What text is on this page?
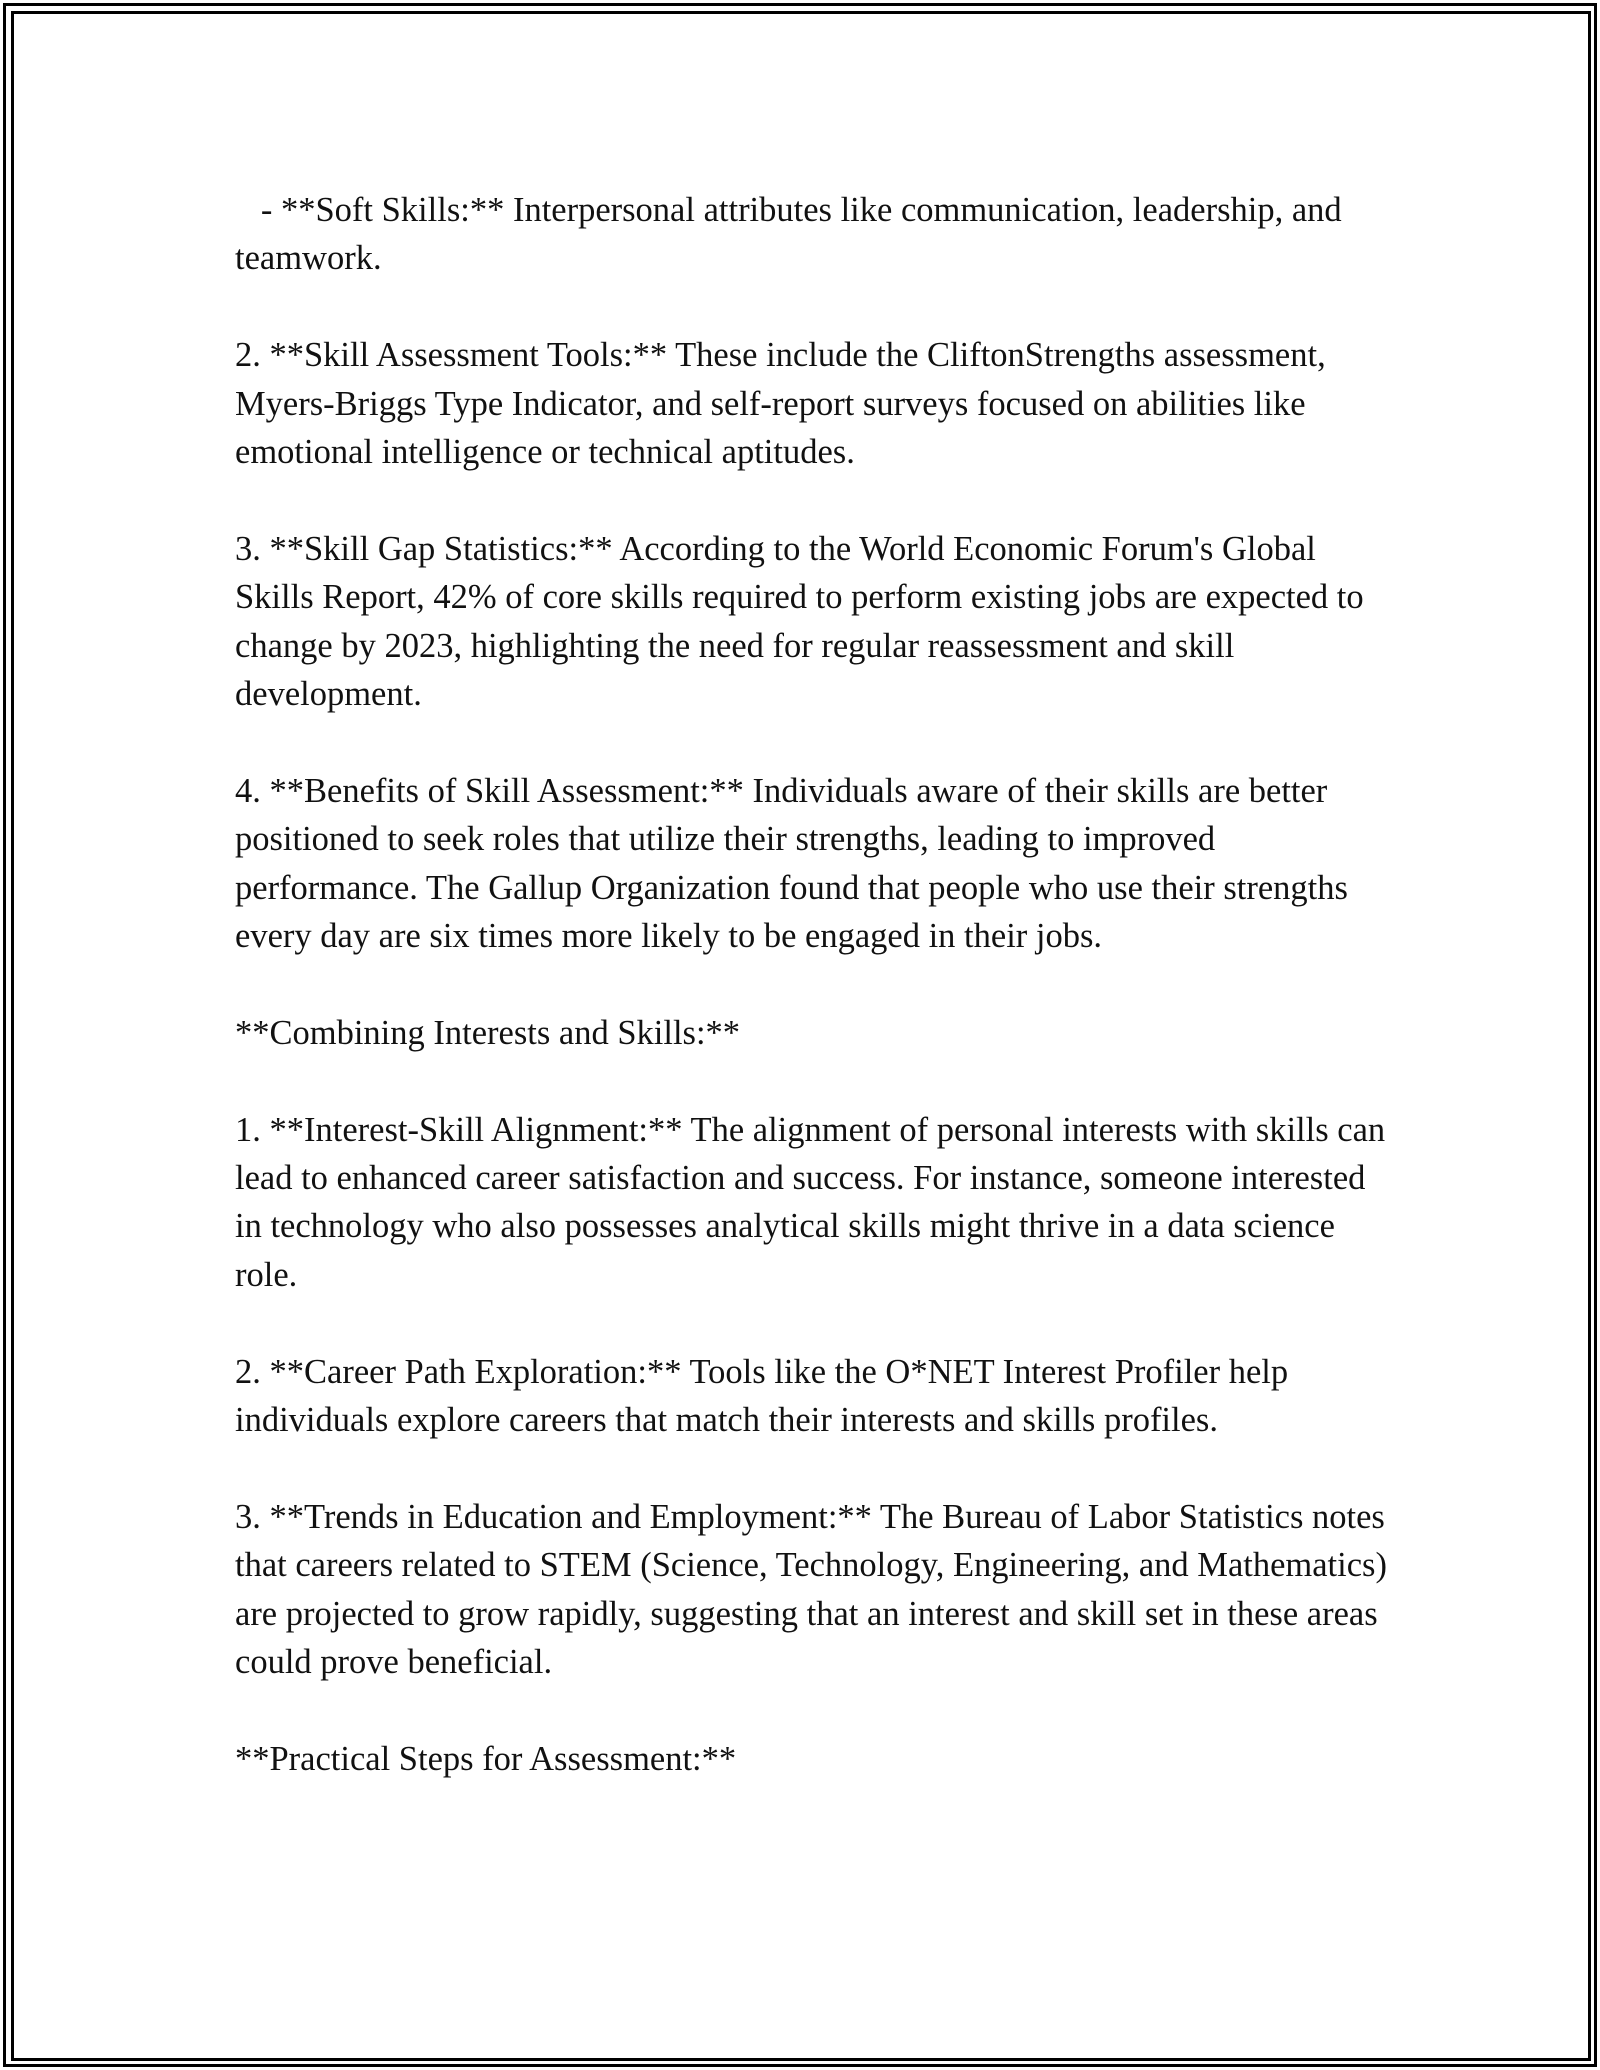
- **Soft Skills:** Interpersonal attributes like communication, leadership, and teamwork.

2. **Skill Assessment Tools:** These include the CliftonStrengths assessment, Myers-Briggs Type Indicator, and self-report surveys focused on abilities like emotional intelligence or technical aptitudes.

3. **Skill Gap Statistics:** According to the World Economic Forum's Global Skills Report, 42% of core skills required to perform existing jobs are expected to change by 2023, highlighting the need for regular reassessment and skill development.

4. **Benefits of Skill Assessment:** Individuals aware of their skills are better positioned to seek roles that utilize their strengths, leading to improved performance. The Gallup Organization found that people who use their strengths every day are six times more likely to be engaged in their jobs.

**Combining Interests and Skills:**

1. **Interest-Skill Alignment:** The alignment of personal interests with skills can lead to enhanced career satisfaction and success. For instance, someone interested in technology who also possesses analytical skills might thrive in a data science role.

2. **Career Path Exploration:** Tools like the O*NET Interest Profiler help individuals explore careers that match their interests and skills profiles.

3. **Trends in Education and Employment:** The Bureau of Labor Statistics notes that careers related to STEM (Science, Technology, Engineering, and Mathematics) are projected to grow rapidly, suggesting that an interest and skill set in these areas could prove beneficial.

**Practical Steps for Assessment:**
